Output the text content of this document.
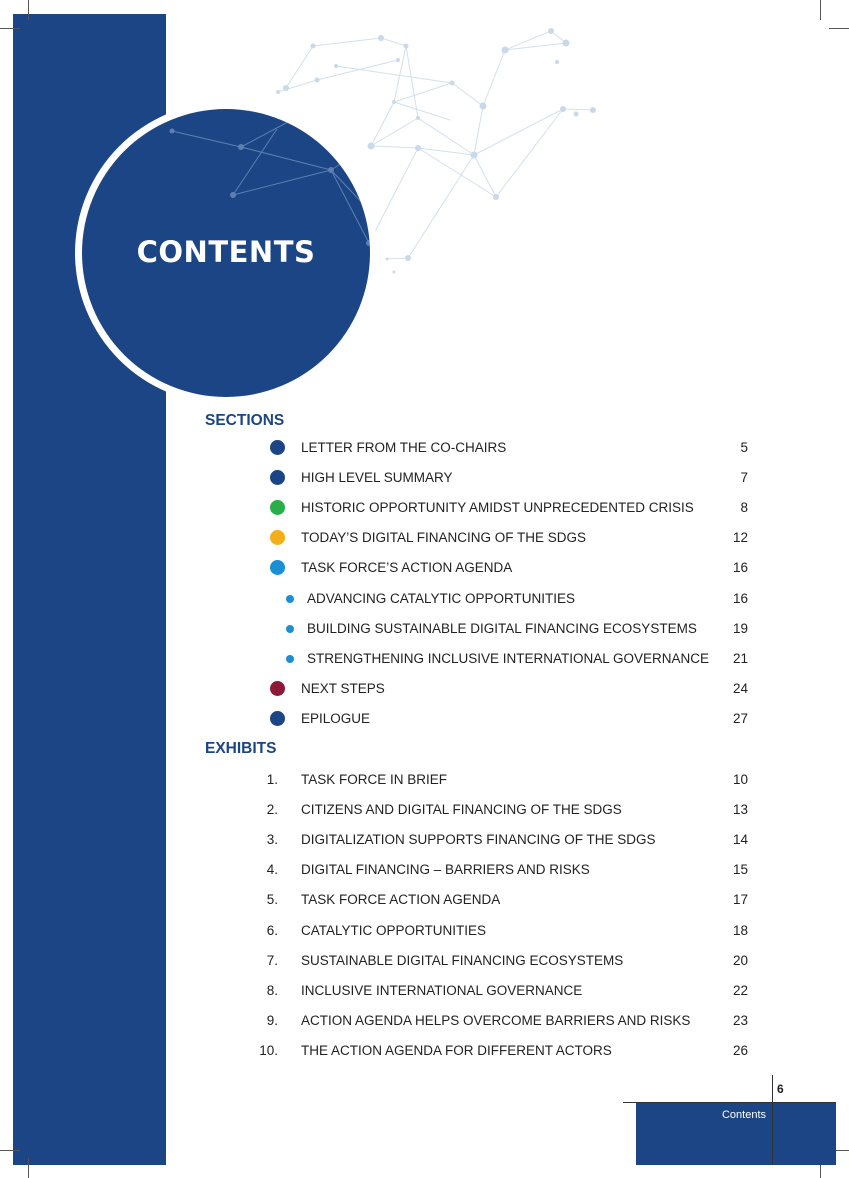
CONTENTS
SECTIONS
LETTER FROM THE CO-CHAIRS	5
HIGH LEVEL SUMMARY	7
HISTORIC OPPORTUNITY AMIDST UNPRECEDENTED CRISIS	8
TODAY’S DIGITAL FINANCING OF THE SDGS	12
TASK FORCE’S ACTION AGENDA	16
ADVANCING CATALYTIC OPPORTUNITIES	16
BUILDING SUSTAINABLE DIGITAL FINANCING ECOSYSTEMS	19
STRENGTHENING INCLUSIVE INTERNATIONAL GOVERNANCE 21
NEXT STEPS	24
EPILOGUE	27
EXHIBITS
1. TASK FORCE IN BRIEF	10
2. CITIZENS AND DIGITAL FINANCING OF THE SDGS	13
3. DIGITALIZATION SUPPORTS FINANCING OF THE SDGS	14
4. DIGITAL FINANCING – BARRIERS AND RISKS	15
5. TASK FORCE ACTION AGENDA	17
6. CATALYTIC OPPORTUNITIES	18
7. SUSTAINABLE DIGITAL FINANCING ECOSYSTEMS	20
8. INCLUSIVE INTERNATIONAL GOVERNANCE	22
9. ACTION AGENDA HELPS OVERCOME BARRIERS AND RISKS	23
10. THE ACTION AGENDA FOR DIFFERENT ACTORS	26
Contents
6
